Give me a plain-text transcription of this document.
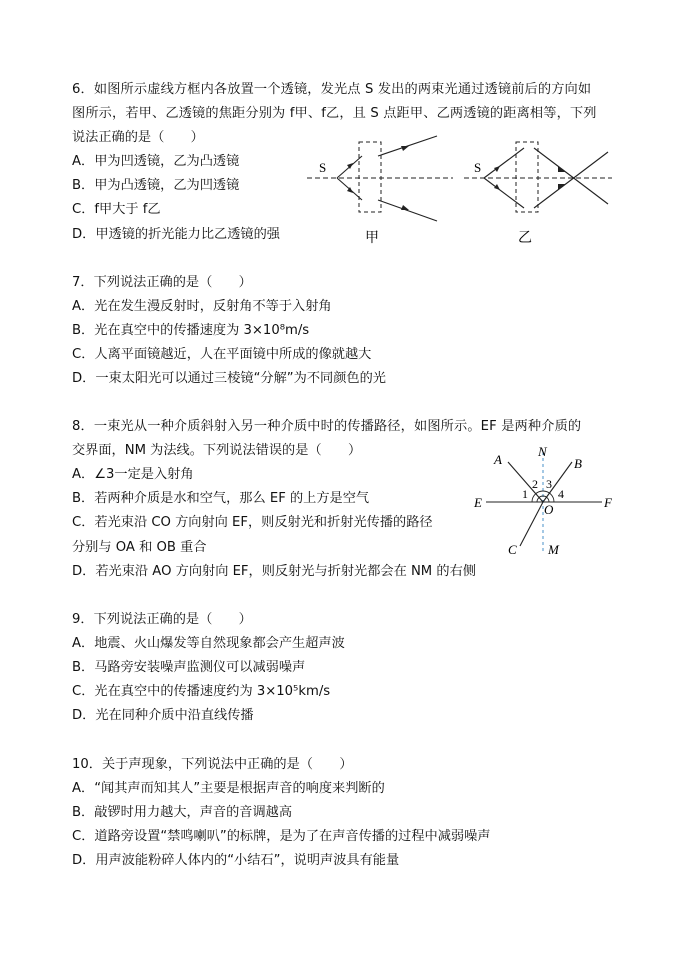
6．如图所示虚线方框内各放置一个透镜，发光点 S 发出的两束光通过透镜前后的方向如
图所示，若甲、乙透镜的焦距分别为 f甲、f乙，且 S 点距甲、乙两透镜的距离相等，下列
说法正确的是（　　）
A．甲为凹透镜，乙为凸透镜
B．甲为凸透镜，乙为凹透镜
C．f甲大于 f乙
D．甲透镜的折光能力比乙透镜的强
S
甲
S
乙
7．下列说法正确的是（　　）
A．光在发生漫反射时，反射角不等于入射角
B．光在真空中的传播速度为 3×10⁸m/s
C．人离平面镜越近，人在平面镜中所成的像就越大
D．一束太阳光可以通过三棱镜“分解”为不同颜色的光
8．一束光从一种介质斜射入另一种介质中时的传播路径，如图所示。EF 是两种介质的
交界面，NM 为法线。下列说法错误的是（　　）
A．∠3一定是入射角
B．若两种介质是水和空气，那么 EF 的上方是空气
C．若光束沿 CO 方向射向 EF，则反射光和折射光传播的路径
分别与 OA 和 OB 重合
D．若光束沿 AO 方向射向 EF，则反射光与折射光都会在 NM 的右侧
A
N
B
E	F
O
C M
1
2 3
4
9．下列说法正确的是（　　）
A．地震、火山爆发等自然现象都会产生超声波
B．马路旁安装噪声监测仪可以减弱噪声
C．光在真空中的传播速度约为 3×10⁵km/s
D．光在同种介质中沿直线传播
10．关于声现象，下列说法中正确的是（　　）
A．“闻其声而知其人”主要是根据声音的响度来判断的
B．敲锣时用力越大，声音的音调越高
C．道路旁设置“禁鸣喇叭”的标牌，是为了在声音传播的过程中减弱噪声
D．用声波能粉碎人体内的“小结石”，说明声波具有能量
